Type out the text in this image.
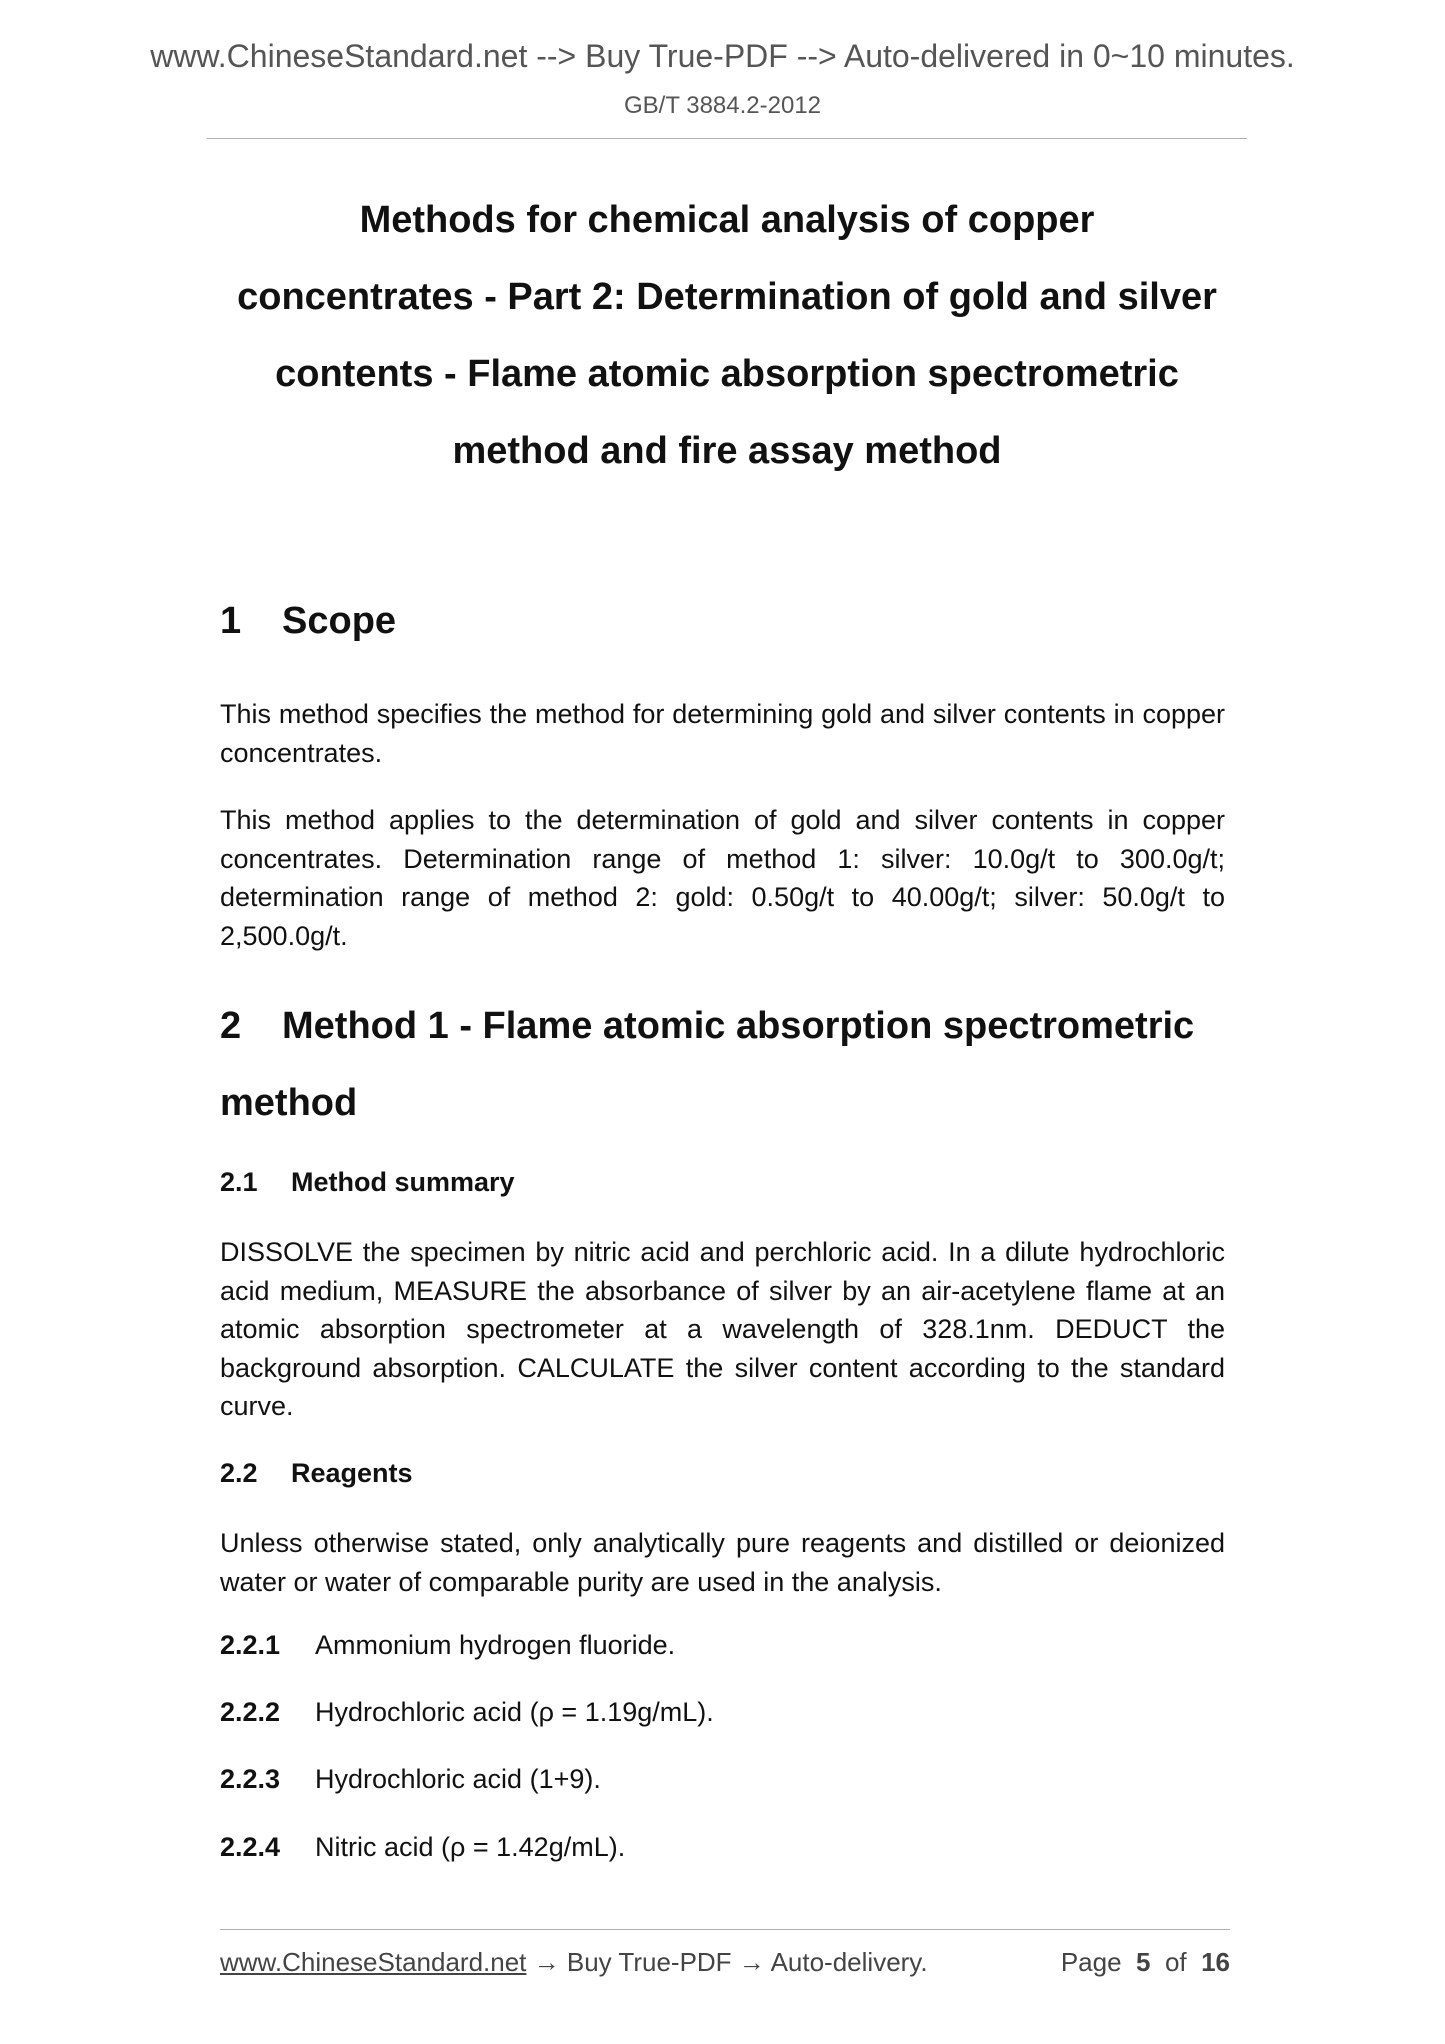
www.ChineseStandard.net --> Buy True-PDF --> Auto-delivered in 0~10 minutes.
GB/T 3884.2-2012
Methods for chemical analysis of copper
concentrates - Part 2: Determination of gold and silver
contents - Flame atomic absorption spectrometric
method and fire assay method
1 Scope
This method specifies the method for determining gold and silver contents in copper concentrates.
This method applies to the determination of gold and silver contents in copper concentrates. Determination range of method 1: silver: 10.0g/t to 300.0g/t; determination range of method 2: gold: 0.50g/t to 40.00g/t; silver: 50.0g/t to 2,500.0g/t.
2 Method 1 - Flame atomic absorption spectrometric
method
2.1 Method summary
DISSOLVE the specimen by nitric acid and perchloric acid. In a dilute hydrochloric acid medium, MEASURE the absorbance of silver by an air-acetylene flame at an atomic absorption spectrometer at a wavelength of 328.1nm. DEDUCT the background absorption. CALCULATE the silver content according to the standard curve.
2.2 Reagents
Unless otherwise stated, only analytically pure reagents and distilled or deionized water or water of comparable purity are used in the analysis.
2.2.1 Ammonium hydrogen fluoride.
2.2.2 Hydrochloric acid (ρ = 1.19g/mL).
2.2.3 Hydrochloric acid (1+9).
2.2.4 Nitric acid (ρ = 1.42g/mL).
www.ChineseStandard.net → Buy True-PDF → Auto-delivery.	Page 5 of 16
